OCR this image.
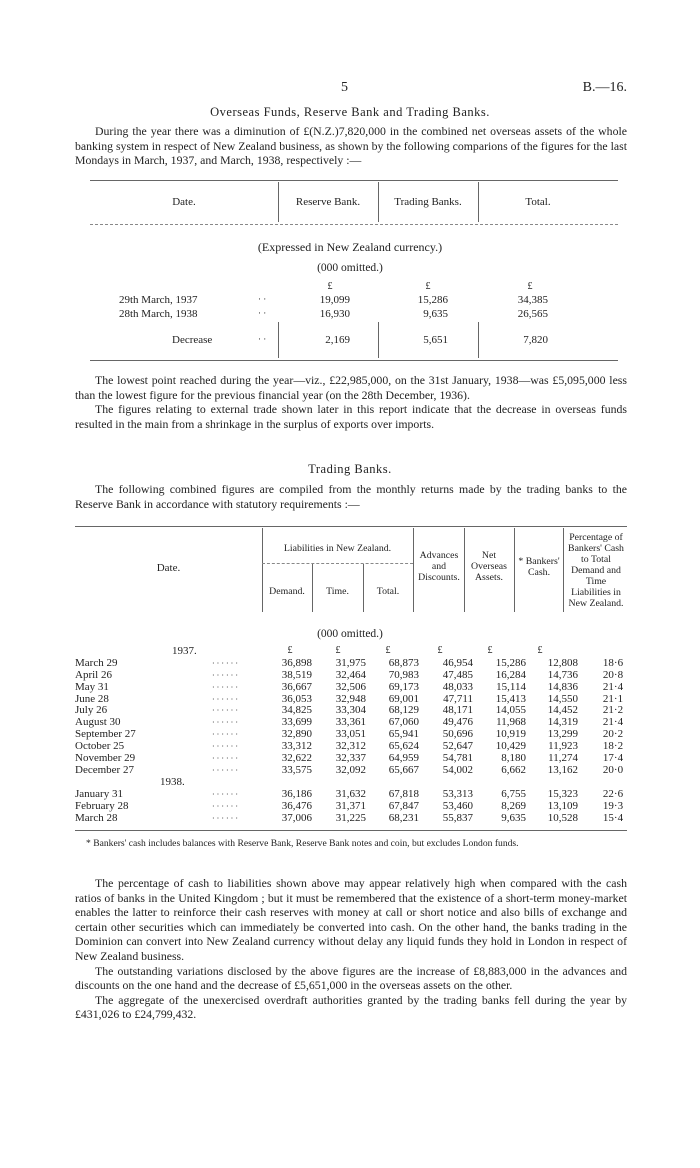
5	B.—16.
Overseas Funds, Reserve Bank and Trading Banks.

During the year there was a diminution of £(N.Z.)7,820,000 in the combined net overseas assets of the whole banking system in respect of New Zealand business, as shown by the following comparions of the figures for the last Mondays in March, 1937, and March, 1938, respectively :—

Date.	Reserve Bank.	Trading Banks.	Total.
(Expressed in New Zealand currency.)
(000 omitted.)
£	£	£
29th March, 1937	· ·	19,099	15,286	34,385
28th March, 1938	· ·	16,930	9,635	26,565
Decrease	· ·	2,169	5,651	7,820

The lowest point reached during the year—viz., £22,985,000, on the 31st January, 1938—was £5,095,000 less than the lowest figure for the previous financial year (on the 28th December, 1936).

The figures relating to external trade shown later in this report indicate that the decrease in overseas funds resulted in the main from a shrinkage in the surplus of exports over imports.

Trading Banks.

The following combined figures are compiled from the monthly returns made by the trading banks to the Reserve Bank in accordance with statutory requirements :—

Date.
Liabilities in New Zealand.
Demand.	Time.	Total.
Advances and Discounts.
Net Overseas Assets.
* Bankers' Cash.
Percentage of Bankers' Cash to Total Demand and Time Liabilities in New Zealand.
(000 omitted.)
1937.	£	£	£	£	£	£
March 29	· · · · · ·	36,898	31,975	68,873	46,954	15,286	12,808	18·6
April 26	· · · · · ·	38,519	32,464	70,983	47,485	16,284	14,736	20·8
May 31	· · · · · ·	36,667	32,506	69,173	48,033	15,114	14,836	21·4
June 28	· · · · · ·	36,053	32,948	69,001	47,711	15,413	14,550	21·1
July 26	· · · · · ·	34,825	33,304	68,129	48,171	14,055	14,452	21·2
August 30	· · · · · ·	33,699	33,361	67,060	49,476	11,968	14,319	21·4
September 27	· · · · · ·	32,890	33,051	65,941	50,696	10,919	13,299	20·2
October 25	· · · · · ·	33,312	32,312	65,624	52,647	10,429	11,923	18·2
November 29	· · · · · ·	32,622	32,337	64,959	54,781	8,180	11,274	17·4
December 27	· · · · · ·	33,575	32,092	65,667	54,002	6,662	13,162	20·0
1938.
January 31	· · · · · ·	36,186	31,632	67,818	53,313	6,755	15,323	22·6
February 28	· · · · · ·	36,476	31,371	67,847	53,460	8,269	13,109	19·3
March 28	· · · · · ·	37,006	31,225	68,231	55,837	9,635	10,528	15·4
* Bankers' cash includes balances with Reserve Bank, Reserve Bank notes and coin, but excludes London funds.

The percentage of cash to liabilities shown above may appear relatively high when compared with the cash ratios of banks in the United Kingdom ; but it must be remembered that the existence of a short-term money-market enables the latter to reinforce their cash reserves with money at call or short notice and also bills of exchange and certain other securities which can immediately be converted into cash. On the other hand, the banks trading in the Dominion can convert into New Zealand currency without delay any liquid funds they hold in London in respect of New Zealand business.

The outstanding variations disclosed by the above figures are the increase of £8,883,000 in the advances and discounts on the one hand and the decrease of £5,651,000 in the overseas assets on the other.

The aggregate of the unexercised overdraft authorities granted by the trading banks fell during the year by £431,026 to £24,799,432.
